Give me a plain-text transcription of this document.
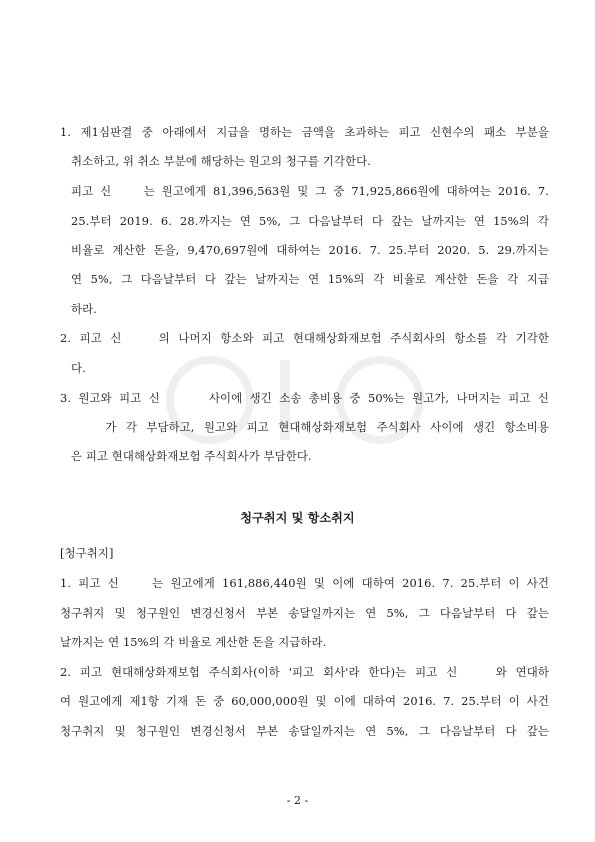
1. 제1심판결 중 아래에서 지급을 명하는 금액을 초과하는 피고 신현수의 패소 부분을
취소하고, 위 취소 부분에 해당하는 원고의 청구를 기각한다.
피고 신　　는 원고에게 81,396,563원 및 그 중 71,925,866원에 대하여는 2016. 7.
25.부터 2019. 6. 28.까지는 연 5%, 그 다음날부터 다 갚는 날까지는 연 15%의 각
비율로 계산한 돈을, 9,470,697원에 대하여는 2016. 7. 25.부터 2020. 5. 29.까지는
연 5%, 그 다음날부터 다 갚는 날까지는 연 15%의 각 비율로 계산한 돈을 각 지급
하라.
2. 피고 신　　의 나머지 항소와 피고 현대해상화재보험 주식회사의 항소를 각 기각한
다.
3. 원고와 피고 신　　　사이에 생긴 소송 총비용 중 50%는 원고가, 나머지는 피고 신
　　가 각 부담하고, 원고와 피고 현대해상화재보험 주식회사 사이에 생긴 항소비용
은 피고 현대해상화재보험 주식회사가 부담한다.
청구취지 및 항소취지
[청구취지]
1. 피고 신　　는 원고에게 161,886,440원 및 이에 대하여 2016. 7. 25.부터 이 사건
청구취지 및 청구원인 변경신청서 부본 송달일까지는 연 5%, 그 다음날부터 다 갚는
날까지는 연 15%의 각 비율로 계산한 돈을 지급하라.
2. 피고 현대해상화재보험 주식회사(이하 '피고 회사'라 한다)는 피고 신　　와 연대하
여 원고에게 제1항 기재 돈 중 60,000,000원 및 이에 대하여 2016. 7. 25.부터 이 사건
청구취지 및 청구원인 변경신청서 부본 송달일까지는 연 5%, 그 다음날부터 다 갚는
- 2 -
